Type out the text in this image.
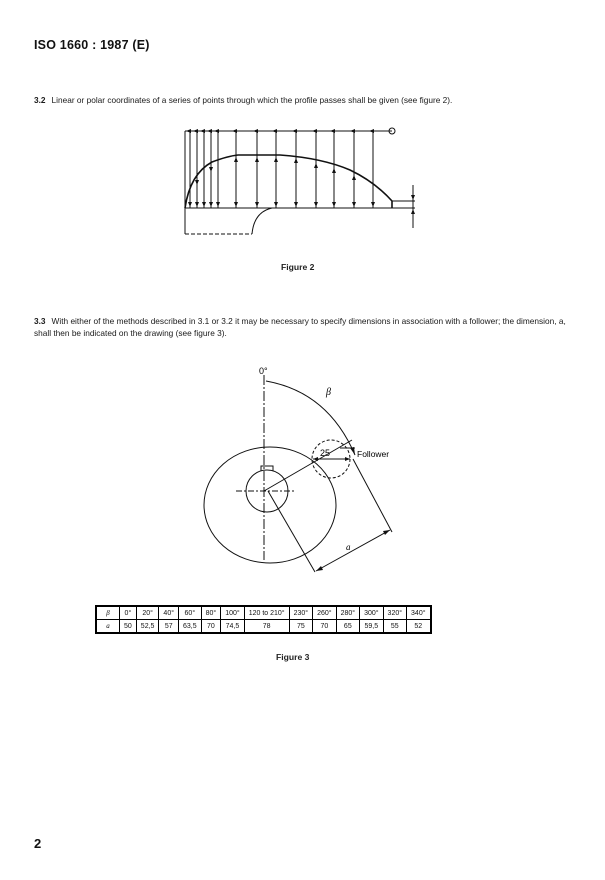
ISO 1660 : 1987 (E)
3.2 Linear or polar coordinates of a series of points through which the profile passes shall be given (see figure 2).
Figure 2
3.3 With either of the methods described in 3.1 or 3.2 it may be necessary to specify dimensions in association with a follower; the dimension, a, shall then be indicated on the drawing (see figure 3).
0°
β
25	Follower
a
β	0°	20°	40°	60°	80°	100°	120 to 210°	230°	260°	280°	300°	320°	340°
a	50	52,5	57	63,5	70	74,5	78	75	70	65	59,5	55	52
Figure 3
2
